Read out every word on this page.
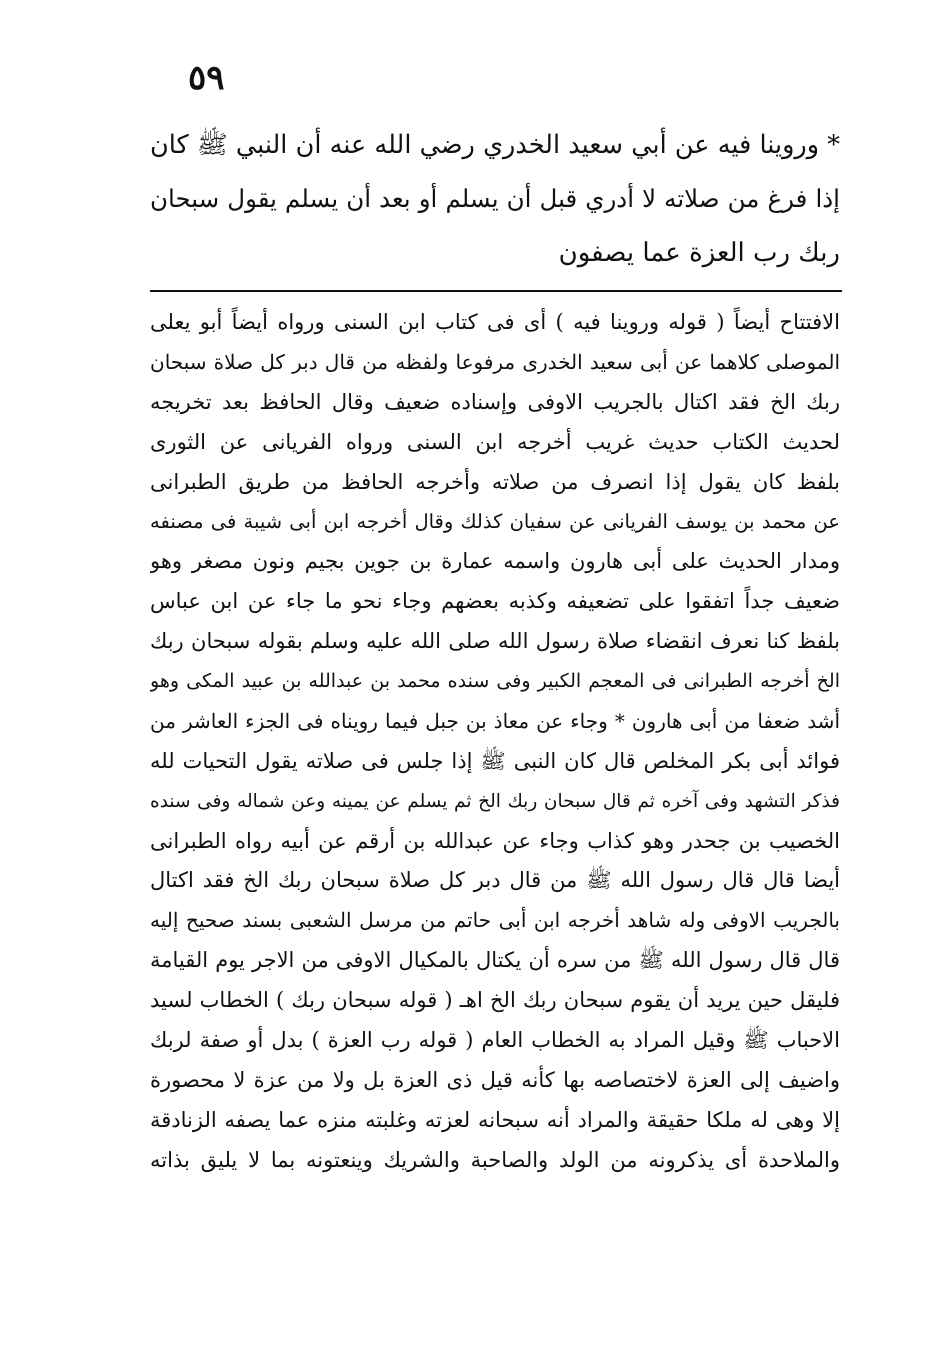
٥٩
* وروينا فيه عن أبي سعيد الخدري رضي الله عنه أن النبي ﷺ كان
إذا فرغ من صلاته لا أدري قبل أن يسلم أو بعد أن يسلم يقول سبحان
ربك رب العزة عما يصفون
الافتتاح أيضاً ( قوله وروينا فيه ) أى فى كتاب ابن السنى ورواه أيضاً أبو يعلى
الموصلى كلاهما عن أبى سعيد الخدرى مرفوعا ولفظه من قال دبر كل صلاة سبحان
ربك الخ فقد اكتال بالجريب الاوفى وإسناده ضعيف وقال الحافظ بعد تخريجه
لحديث الكتاب حديث غريب أخرجه ابن السنى ورواه الفريانى عن الثورى
بلفظ كان يقول إذا انصرف من صلاته وأخرجه الحافظ من طريق الطبرانى
عن محمد بن يوسف الفريانى عن سفيان كذلك وقال أخرجه ابن أبى شيبة فى مصنفه
ومدار الحديث على أبى هارون واسمه عمارة بن جوين بجيم ونون مصغر وهو
ضعيف جداً اتفقوا على تضعيفه وكذبه بعضهم وجاء نحو ما جاء عن ابن عباس
بلفظ كنا نعرف انقضاء صلاة رسول الله صلى الله عليه وسلم بقوله سبحان ربك
الخ أخرجه الطبرانى فى المعجم الكبير وفى سنده محمد بن عبدالله بن عبيد المكى وهو
أشد ضعفا من أبى هارون * وجاء عن معاذ بن جبل فيما رويناه فى الجزء العاشر من
فوائد أبى بكر المخلص قال كان النبى ﷺ إذا جلس فى صلاته يقول التحيات لله
فذكر التشهد وفى آخره ثم قال سبحان ربك الخ ثم يسلم عن يمينه وعن شماله وفى سنده
الخصيب بن جحدر وهو كذاب وجاء عن عبدالله بن أرقم عن أبيه رواه الطبرانى
أيضا قال قال رسول الله ﷺ من قال دبر كل صلاة سبحان ربك الخ فقد اكتال
بالجريب الاوفى وله شاهد أخرجه ابن أبى حاتم من مرسل الشعبى بسند صحيح إليه
قال قال رسول الله ﷺ من سره أن يكتال بالمكيال الاوفى من الاجر يوم القيامة
فليقل حين يريد أن يقوم سبحان ربك الخ اهـ ( قوله سبحان ربك ) الخطاب لسيد
الاحباب ﷺ وقيل المراد به الخطاب العام ( قوله رب العزة ) بدل أو صفة لربك
واضيف إلى العزة لاختصاصه بها كأنه قيل ذى العزة بل ولا من عزة لا محصورة
إلا وهى له ملكا حقيقة والمراد أنه سبحانه لعزته وغلبته منزه عما يصفه الزنادقة
والملاحدة أى يذكرونه من الولد والصاحبة والشريك وينعتونه بما لا يليق بذاته
